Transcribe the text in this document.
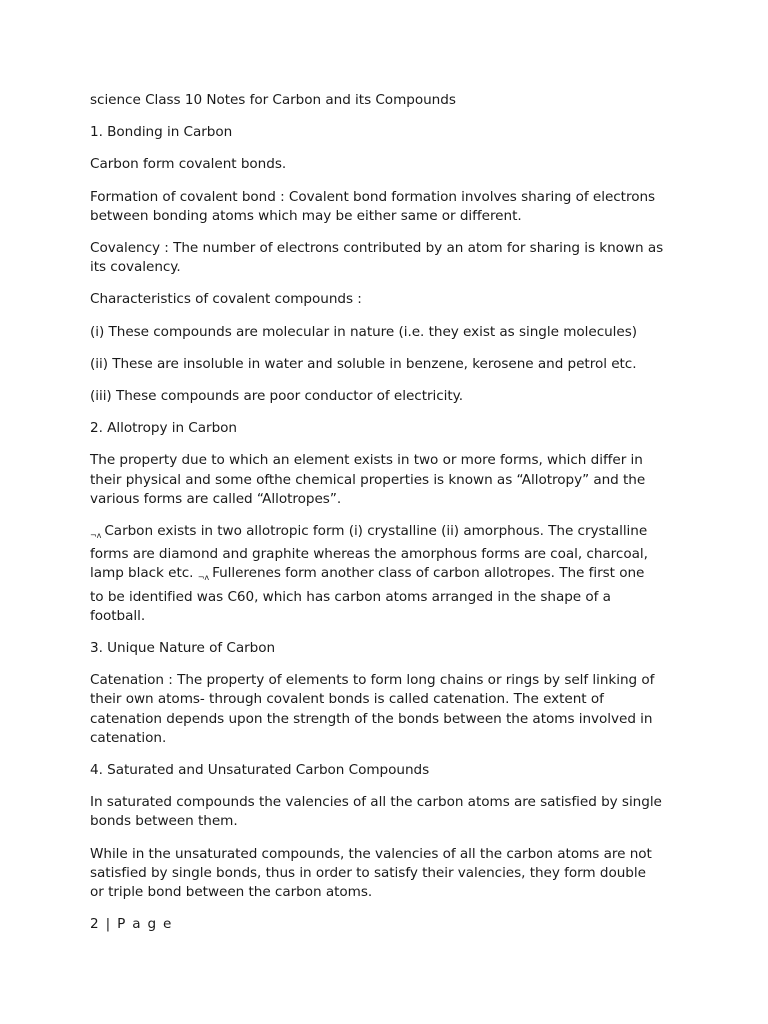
science Class 10 Notes for Carbon and its Compounds

1. Bonding in Carbon

Carbon form covalent bonds.

Formation of covalent bond : Covalent bond formation involves sharing of electrons
between bonding atoms which may be either same or different.

Covalency : The number of electrons contributed by an atom for sharing is known as
its covalency.

Characteristics of covalent compounds :

(i) These compounds are molecular in nature (i.e. they exist as single molecules)

(ii) These are insoluble in water and soluble in benzene, kerosene and petrol etc.

(iii) These compounds are poor conductor of electricity.

2. Allotropy in Carbon

The property due to which an element exists in two or more forms, which differ in
their physical and some ofthe chemical properties is known as “Allotropy” and the
various forms are called “Allotropes”.

$_{\neg ʌ}$ Carbon exists in two allotropic form (i) crystalline (ii) amorphous. The crystalline
forms are diamond and graphite whereas the amorphous forms are coal, charcoal,
lamp black etc. $_{\neg ʌ}$ Fullerenes form another class of carbon allotropes. The first one
to be identified was C60, which has carbon atoms arranged in the shape of a
football.

3. Unique Nature of Carbon

Catenation : The property of elements to form long chains or rings by self linking of
their own atoms- through covalent bonds is called catenation. The extent of
catenation depends upon the strength of the bonds between the atoms involved in
catenation.

4. Saturated and Unsaturated Carbon Compounds

In saturated compounds the valencies of all the carbon atoms are satisfied by single
bonds between them.

While in the unsaturated compounds, the valencies of all the carbon atoms are not
satisfied by single bonds, thus in order to satisfy their valencies, they form double
or triple bond between the carbon atoms.

2 | P a g e
